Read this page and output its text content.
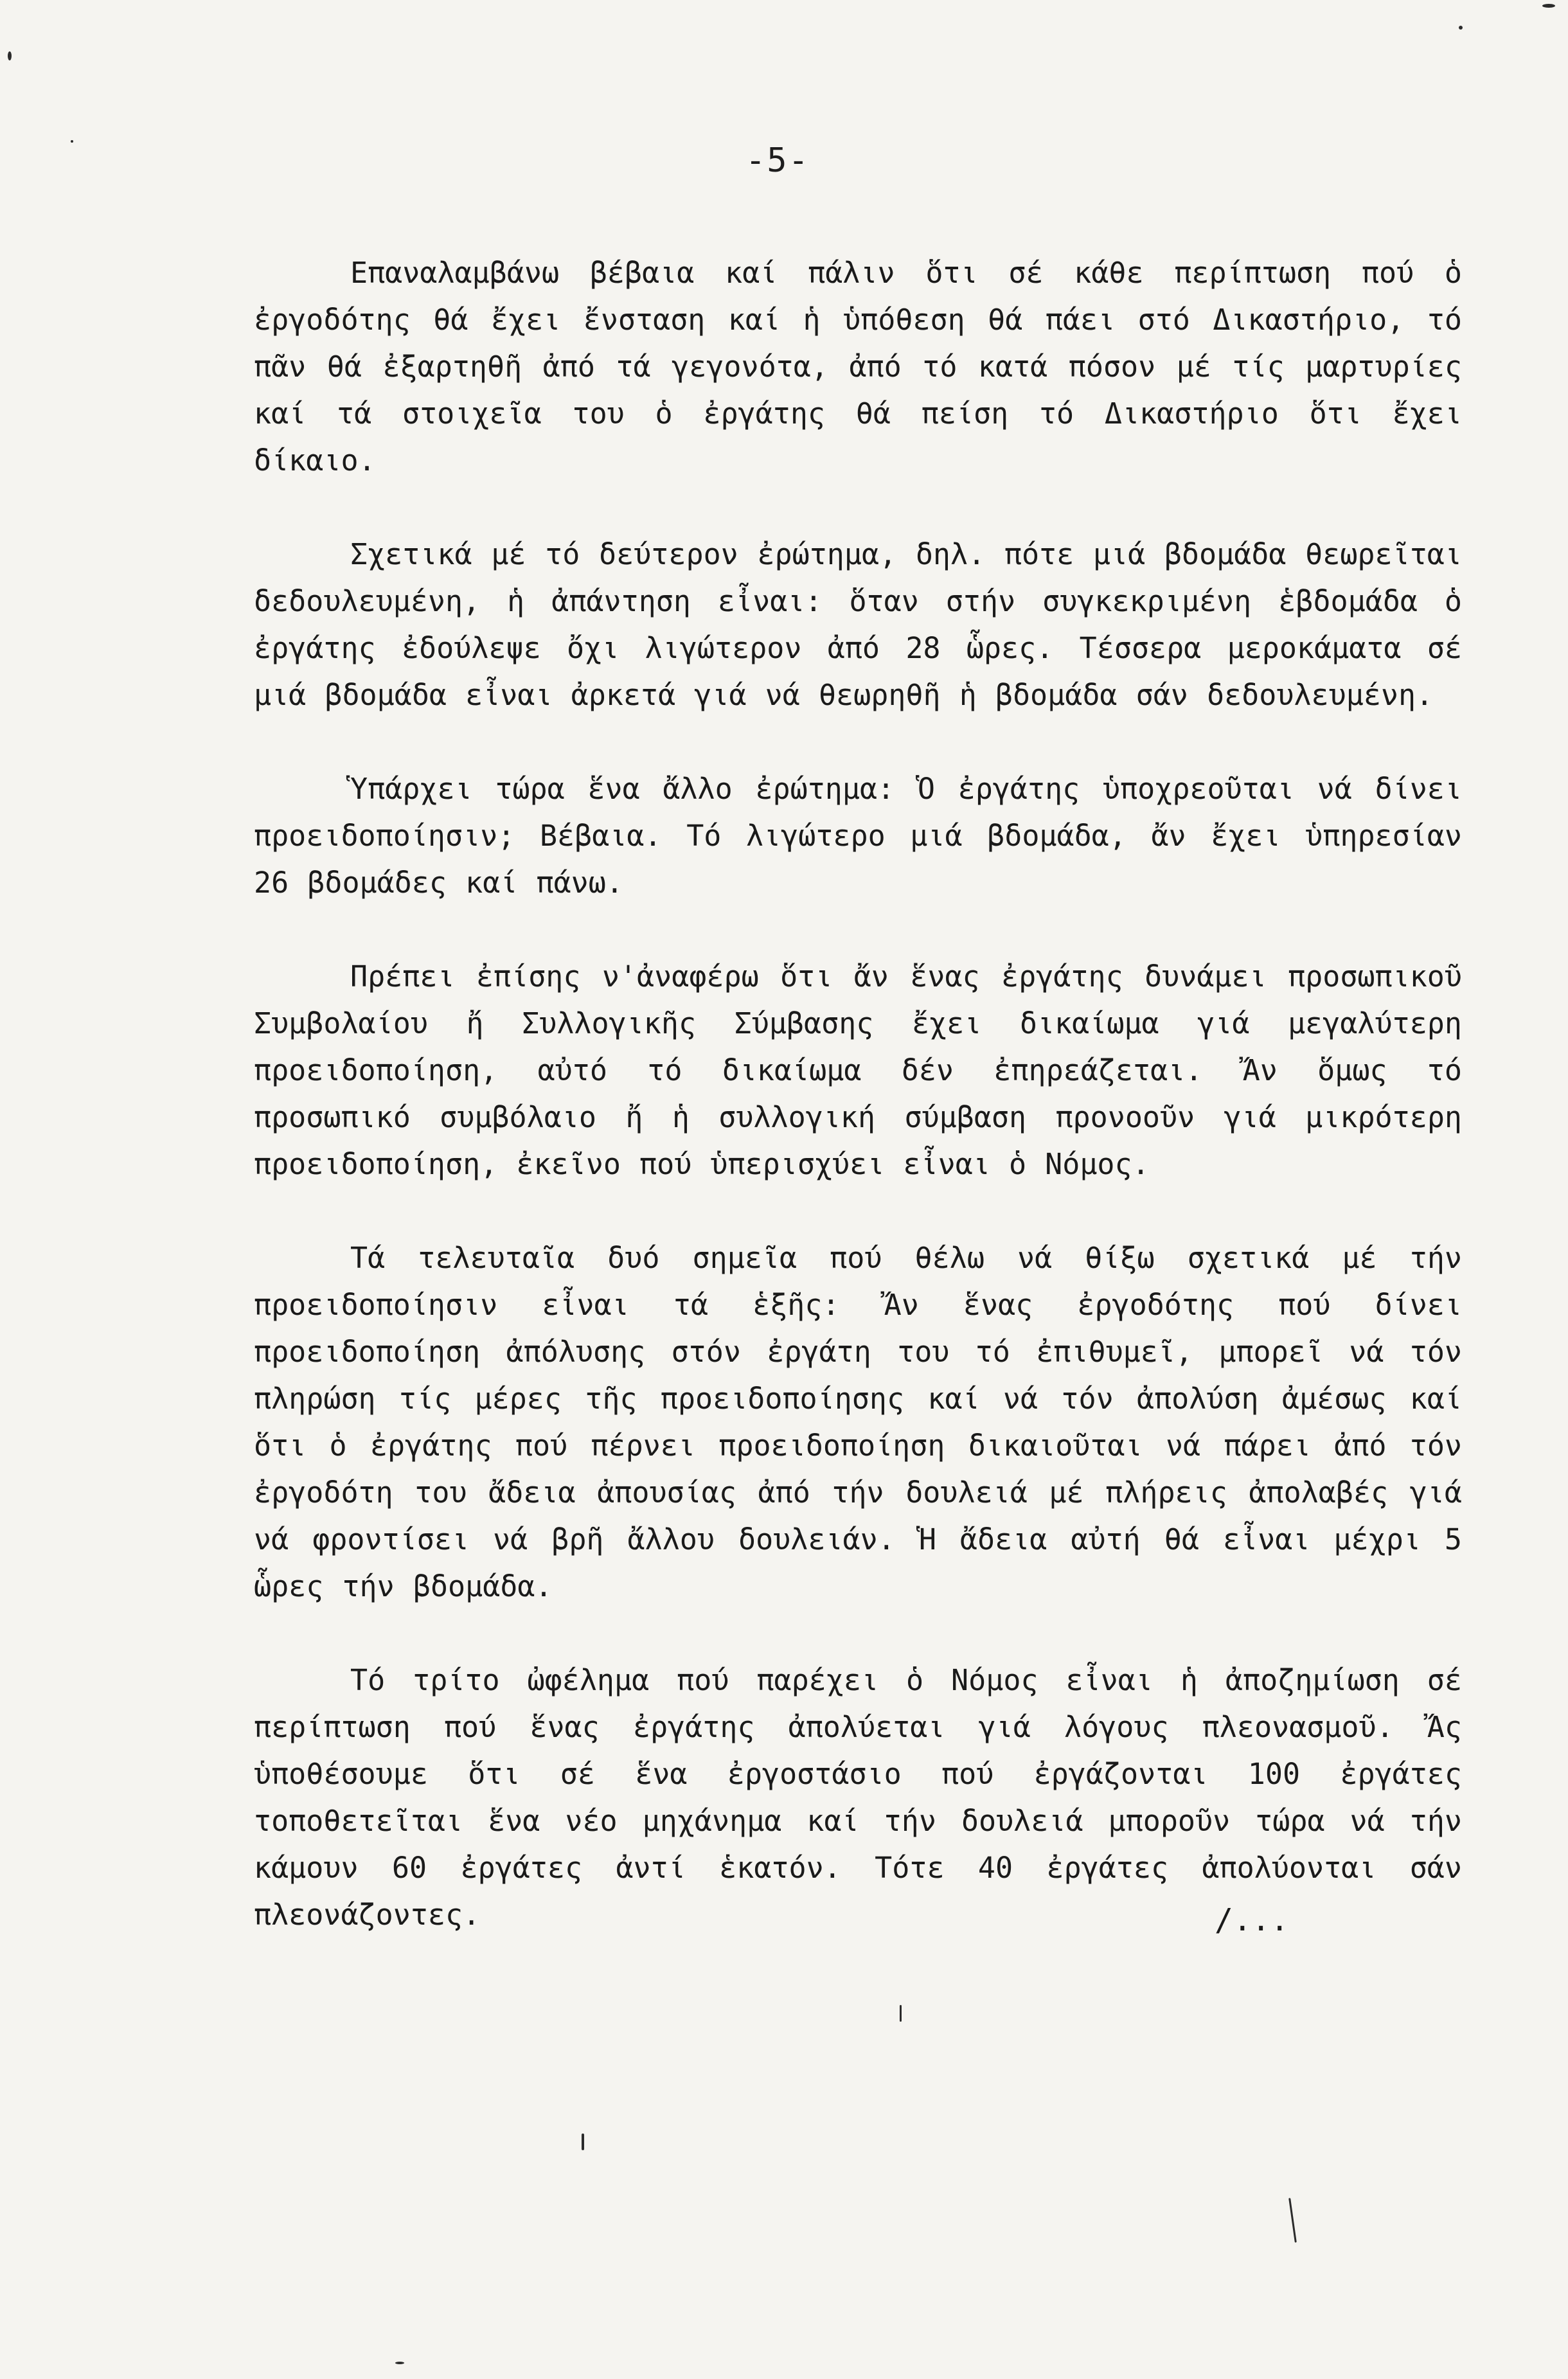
-5-

Επαναλαμβάνω βέβαια καί πάλιν ὅτι σέ κάθε περίπτωση πού ὁ ἐργοδότης θά ἔχει ἔνσταση καί ἡ ὑπόθεση θά πάει στό Δικαστήριο, τό πᾶν θά ἐξαρτηθῆ ἀπό τά γεγονότα, ἀπό τό κατά πόσον μέ τίς μαρτυρίες καί τά στοιχεῖα του ὁ ἐργάτης θά πείση τό Δικαστήριο ὅτι ἔχει δίκαιο.

Σχετικά μέ τό δεύτερον ἐρώτημα, δηλ. πότε μιά βδομάδα θεωρεῖται δεδουλευμένη, ἡ ἀπάντηση εἶναι: ὅταν στήν συγκεκριμένη ἑβδομάδα ὁ ἐργάτης ἐδούλεψε ὄχι λιγώτερον ἀπό 28 ὧρες. Τέσσερα μεροκάματα σέ μιά βδομάδα εἶναι ἀρκετά γιά νά θεωρηθῆ ἡ βδομάδα σάν δεδουλευμένη.

Ὑπάρχει τώρα ἕνα ἄλλο ἐρώτημα: Ὁ ἐργάτης ὑποχρεοῦται νά δίνει προειδοποίησιν; Βέβαια. Τό λιγώτερο μιά βδομάδα, ἄν ἔχει ὑπηρεσίαν 26 βδομάδες καί πάνω.

Πρέπει ἐπίσης ν'ἀναφέρω ὅτι ἄν ἕνας ἐργάτης δυνάμει προσωπικοῦ Συμβολαίου ἤ Συλλογικῆς Σύμβασης ἔχει δικαίωμα γιά μεγαλύτερη προειδοποίηση, αὐτό τό δικαίωμα δέν ἐπηρεάζεται. Ἄν ὅμως τό προσωπικό συμβόλαιο ἤ ἡ συλλογική σύμβαση προνοοῦν γιά μικρότερη προειδοποίηση, ἐκεῖνο πού ὑπερισχύει εἶναι ὁ Νόμος.

Τά τελευταῖα δυό σημεῖα πού θέλω νά θίξω σχετικά μέ τήν προειδοποίησιν εἶναι τά ἑξῆς: Ἄν ἕνας ἐργοδότης πού δίνει προειδοποίηση ἀπόλυσης στόν ἐργάτη του τό ἐπιθυμεῖ, μπορεῖ νά τόν πληρώση τίς μέρες τῆς προειδοποίησης καί νά τόν ἀπολύση ἀμέσως καί ὅτι ὁ ἐργάτης πού πέρνει προειδοποίηση δικαιοῦται νά πάρει ἀπό τόν ἐργοδότη του ἄδεια ἀπουσίας ἀπό τήν δουλειά μέ πλήρεις ἀπολαβές γιά νά φροντίσει νά βρῆ ἄλλου δουλειάν. Ἡ ἄδεια αὐτή θά εἶναι μέχρι 5 ὧρες τήν βδομάδα.

Τό τρίτο ὠφέλημα πού παρέχει ὁ Νόμος εἶναι ἡ ἀποζημίωση σέ περίπτωση πού ἕνας ἐργάτης ἀπολύεται γιά λόγους πλεονασμοῦ. Ἄς ὑποθέσουμε ὅτι σέ ἕνα ἐργοστάσιο πού ἐργάζονται 100 ἐργάτες τοποθετεῖται ἕνα νέο μηχάνημα καί τήν δουλειά μποροῦν τώρα νά τήν κάμουν 60 ἐργάτες ἀντί ἑκατόν. Τότε 40 ἐργάτες ἀπολύονται σάν πλεονάζοντες.	/...
